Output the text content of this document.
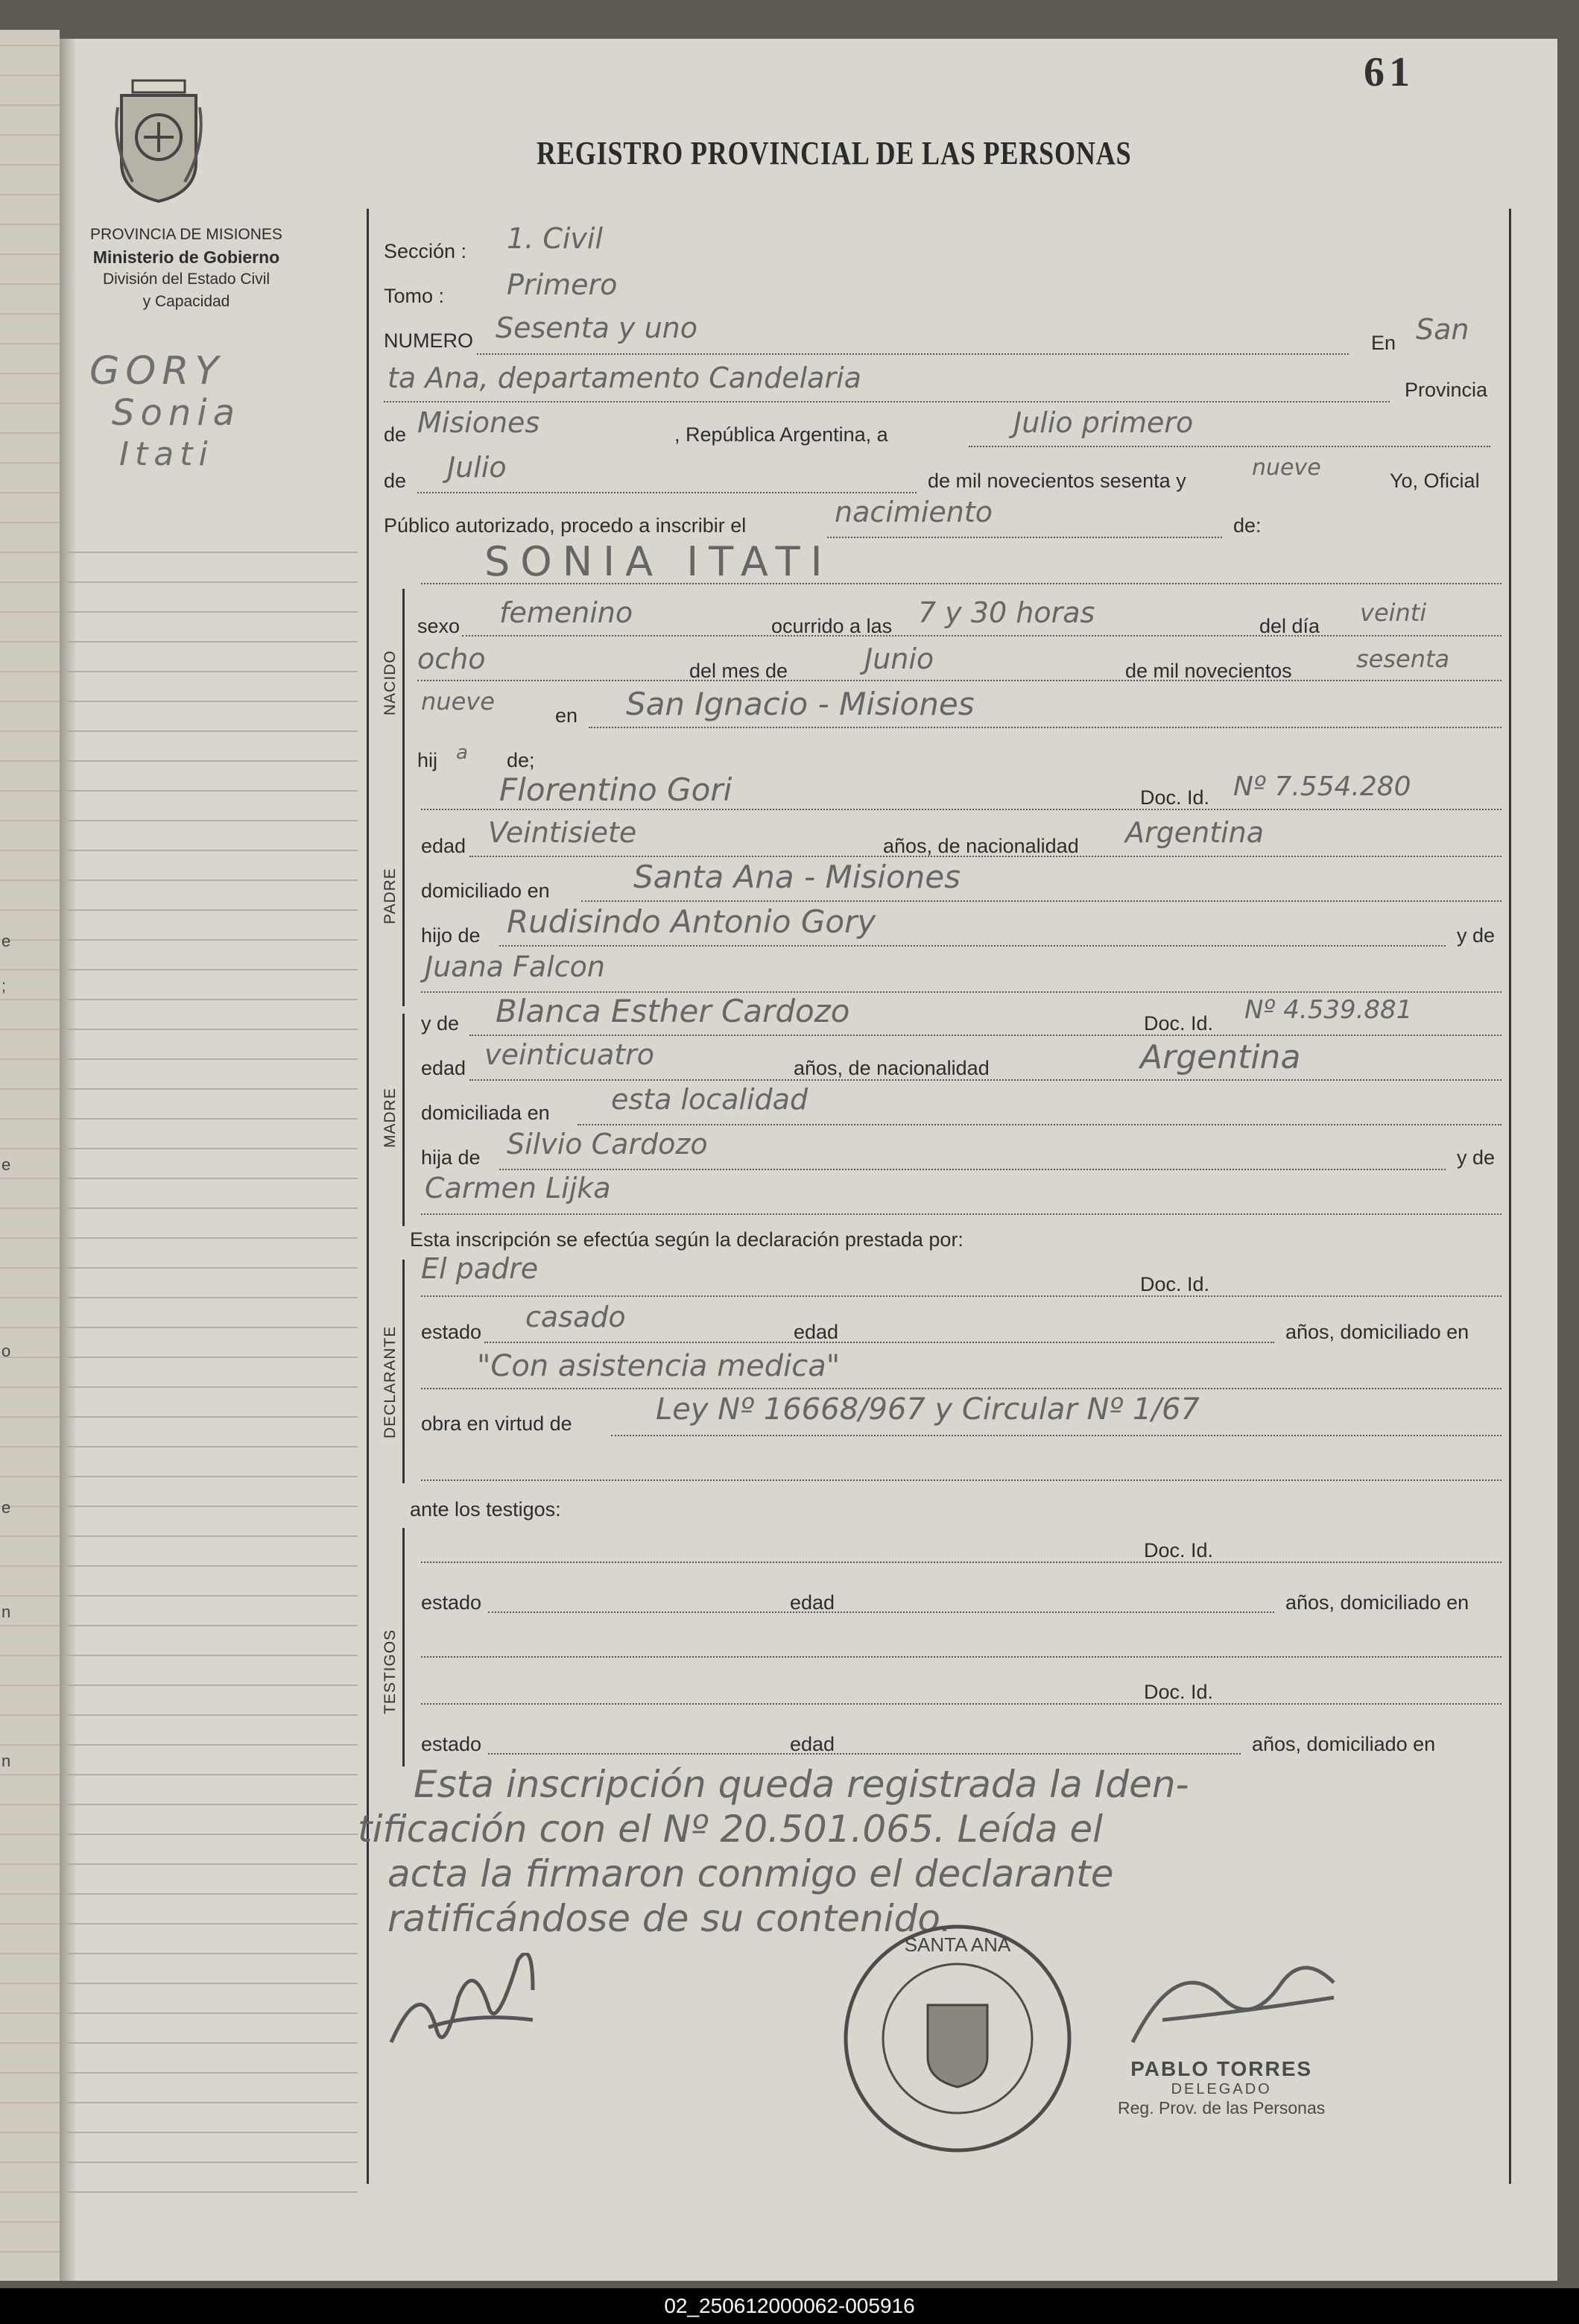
61
REGISTRO PROVINCIAL DE LAS PERSONAS
PROVINCIA DE MISIONES
Ministerio de Gobierno
División del Estado Civil
y Capacidad
GORY
Sonia
Itati
Sección : 1. Civil
Tomo : Primero
NUMERO Sesenta y uno	En San
ta Ana, departamento Candelaria	Provincia
de Misiones	, República Argentina, a	Julio primero
de Julio	de mil novecientos sesenta y	nueve	Yo, Oficial
Público autorizado, procedo a inscribir el	nacimiento	de:
SONIA ITATI
NACIDO
sexo femenino	ocurrido a las 7 y 30 horas	del día veinti
ocho	del mes de	Junio	de mil novecientos	sesenta
nueve	en San Ignacio - Misiones
hij a de;
PADRE
Florentino Gori	Doc. Id. Nº 7.554.280
edad Veintisiete	años, de nacionalidad Argentina
domiciliado en	Santa Ana - Misiones
hijo de Rudisindo Antonio Gory	y de
Juana Falcon
MADRE
y de Blanca Esther Cardozo	Doc. Id. Nº 4.539.881
edad veinticuatro	años, de nacionalidad	Argentina
domiciliada en esta localidad
hija de Silvio Cardozo	y de
Carmen Lijka
Esta inscripción se efectúa según la declaración prestada por:
DECLARANTE
El padre	Doc. Id.
estado casado	edad	años, domiciliado en
"Con asistencia medica"
obra en virtud de	Ley Nº 16668/967 y Circular Nº 1/67
ante los testigos:
TESTIGOS
Doc. Id.
estado	edad	años, domiciliado en
Doc. Id.
estado	edad	años, domiciliado en
Esta inscripción queda registrada la Iden-
tificación con el Nº 20.501.065. Leída el
acta la firmaron conmigo el declarante
ratificándose de su contenido.
SANTA ANA
PABLO TORRES
DELEGADO
Reg. Prov. de las Personas
02_250612000062-005916
e
;
e
o
e
n
n
